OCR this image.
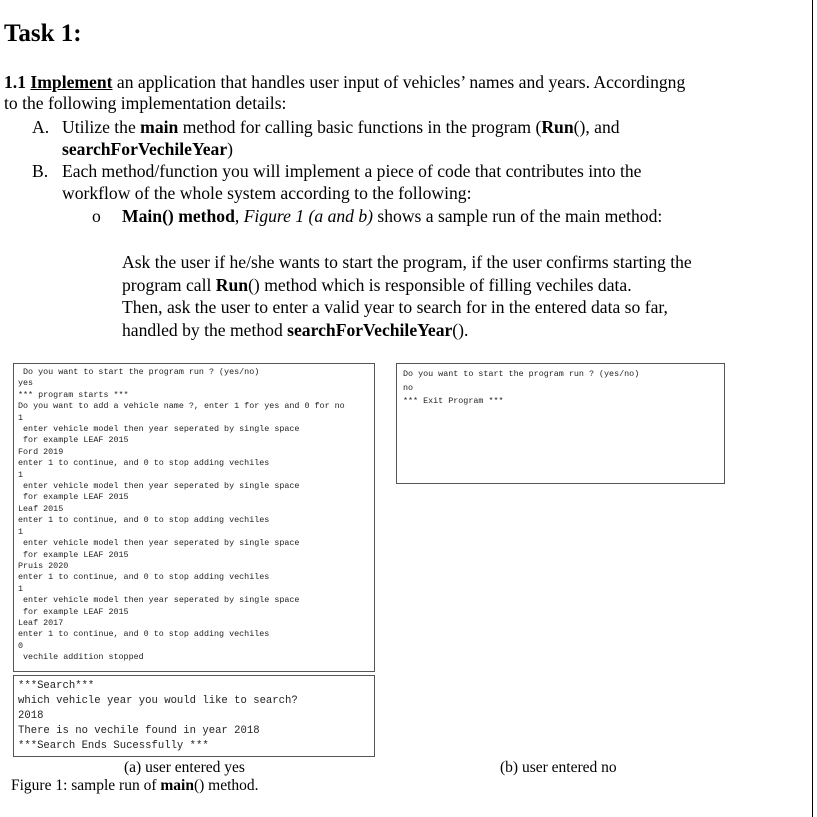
Task 1:
1.1 Implement an application that handles user input of vehicles’ names and years. Accordingng
to the following implementation details:
A. Utilize the main method for calling basic functions in the program (Run(), and
searchForVechileYear)
B. Each method/function you will implement a piece of code that contributes into the
workflow of the whole system according to the following:
o Main() method, Figure 1 (a and b) shows a sample run of the main method:
Ask the user if he/she wants to start the program, if the user confirms starting the
program call Run() method which is responsible of filling vechiles data.
Then, ask the user to enter a valid year to search for in the entered data so far,
handled by the method searchForVechileYear().
Do you want to start the program run ? (yes/no)
yes
*** program starts ***
Do you want to add a vehicle name ?, enter 1 for yes and 0 for no
1
enter vehicle model then year seperated by single space
for example LEAF 2015
Ford 2019
enter 1 to continue, and 0 to stop adding vechiles
1
enter vehicle model then year seperated by single space
for example LEAF 2015
Leaf 2015
enter 1 to continue, and 0 to stop adding vechiles
1
enter vehicle model then year seperated by single space
for example LEAF 2015
Pruis 2020
enter 1 to continue, and 0 to stop adding vechiles
1
enter vehicle model then year seperated by single space
for example LEAF 2015
Leaf 2017
enter 1 to continue, and 0 to stop adding vechiles
0
vechile addition stopped
Do you want to start the program run ? (yes/no)
no
*** Exit Program ***
***Search***
which vehicle year you would like to search?
2018
There is no vechile found in year 2018
***Search Ends Sucessfully ***
(a) user entered yes	(b) user entered no
Figure 1: sample run of main() method.
